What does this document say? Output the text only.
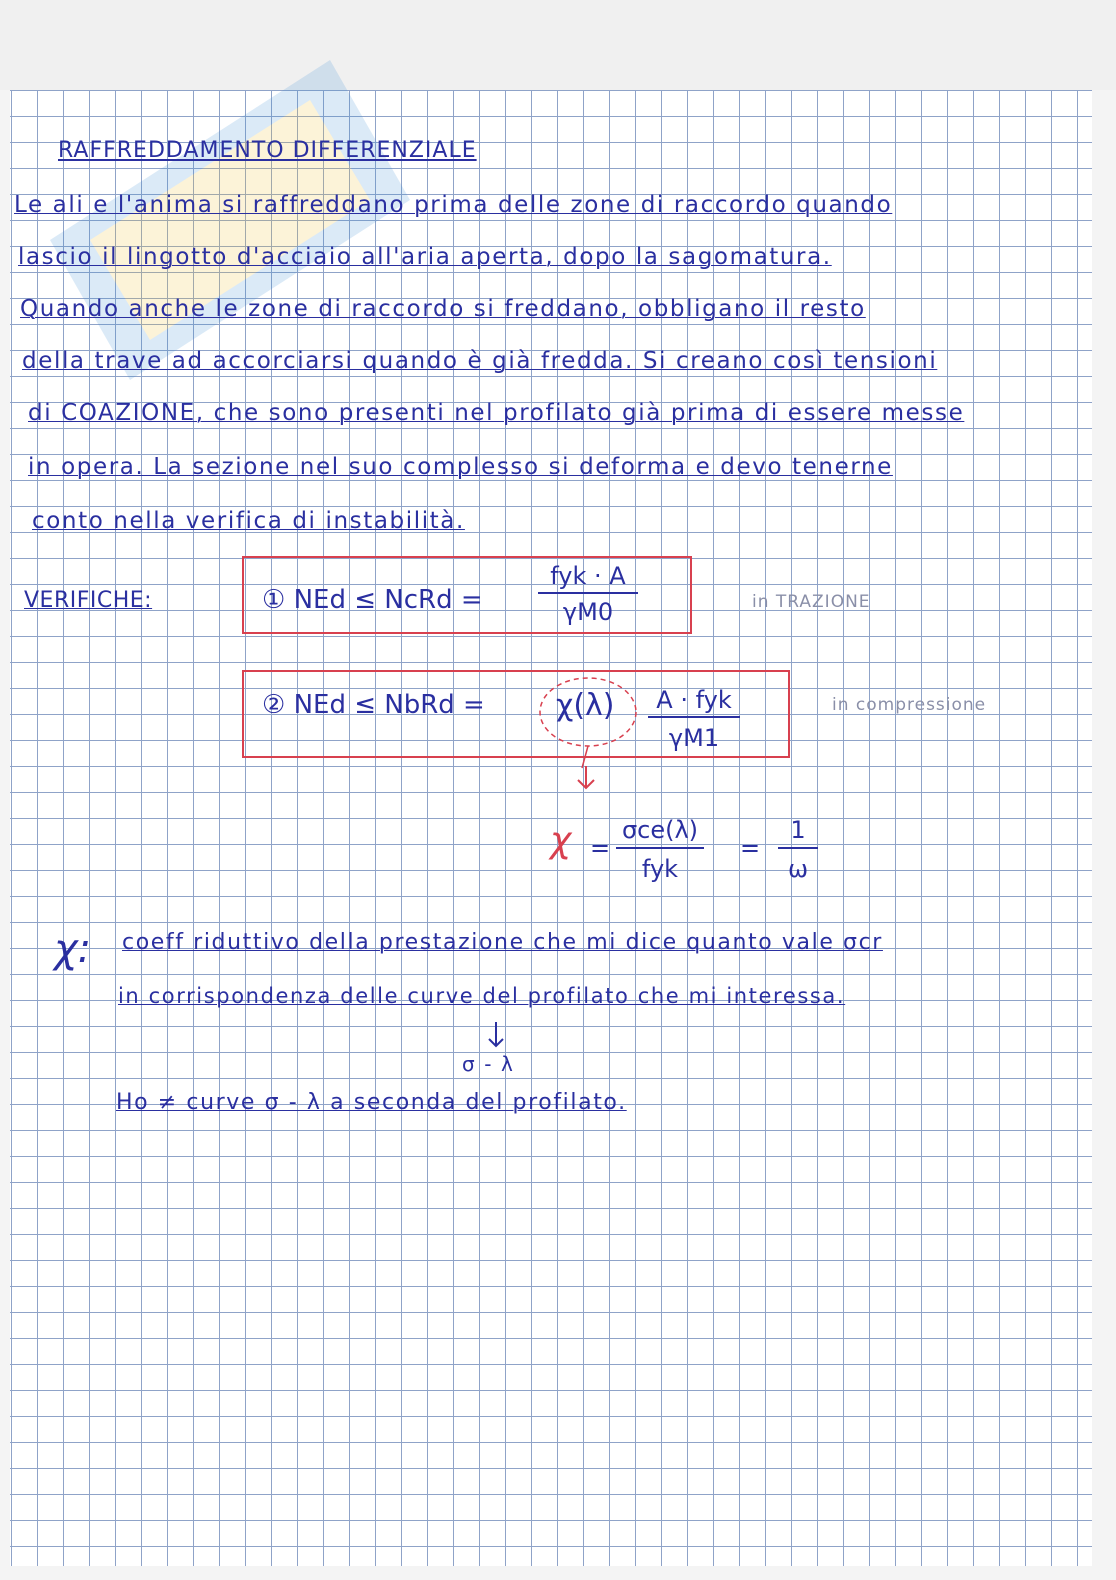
RAFFREDDAMENTO DIFFERENZIALE
Le ali e l'anima si raffreddano prima delle zone di raccordo quando
lascio il lingotto d'acciaio all'aria aperta, dopo la sagomatura.
Quando anche le zone di raccordo si freddano, obbligano il resto
della trave ad accorciarsi quando è già fredda. Si creano così tensioni
di COAZIONE, che sono presenti nel profilato già prima di essere messe
in opera. La sezione nel suo complesso si deforma e devo tenerne
conto nella verifica di instabilità.
VERIFICHE:	① NEd ≤ NcRd =
fyk · A
γM0	in TRAZIONE
② NEd ≤ NbRd = χ(λ)	A · fyk
γM1
in compressione
χ =
σce(λ)
fyk
=
1
ω
χ: coeff riduttivo della prestazione che mi dice quanto vale σcr
in corrispondenza delle curve del profilato che mi interessa.
σ - λ
Ho ≠ curve σ - λ a seconda del profilato.
